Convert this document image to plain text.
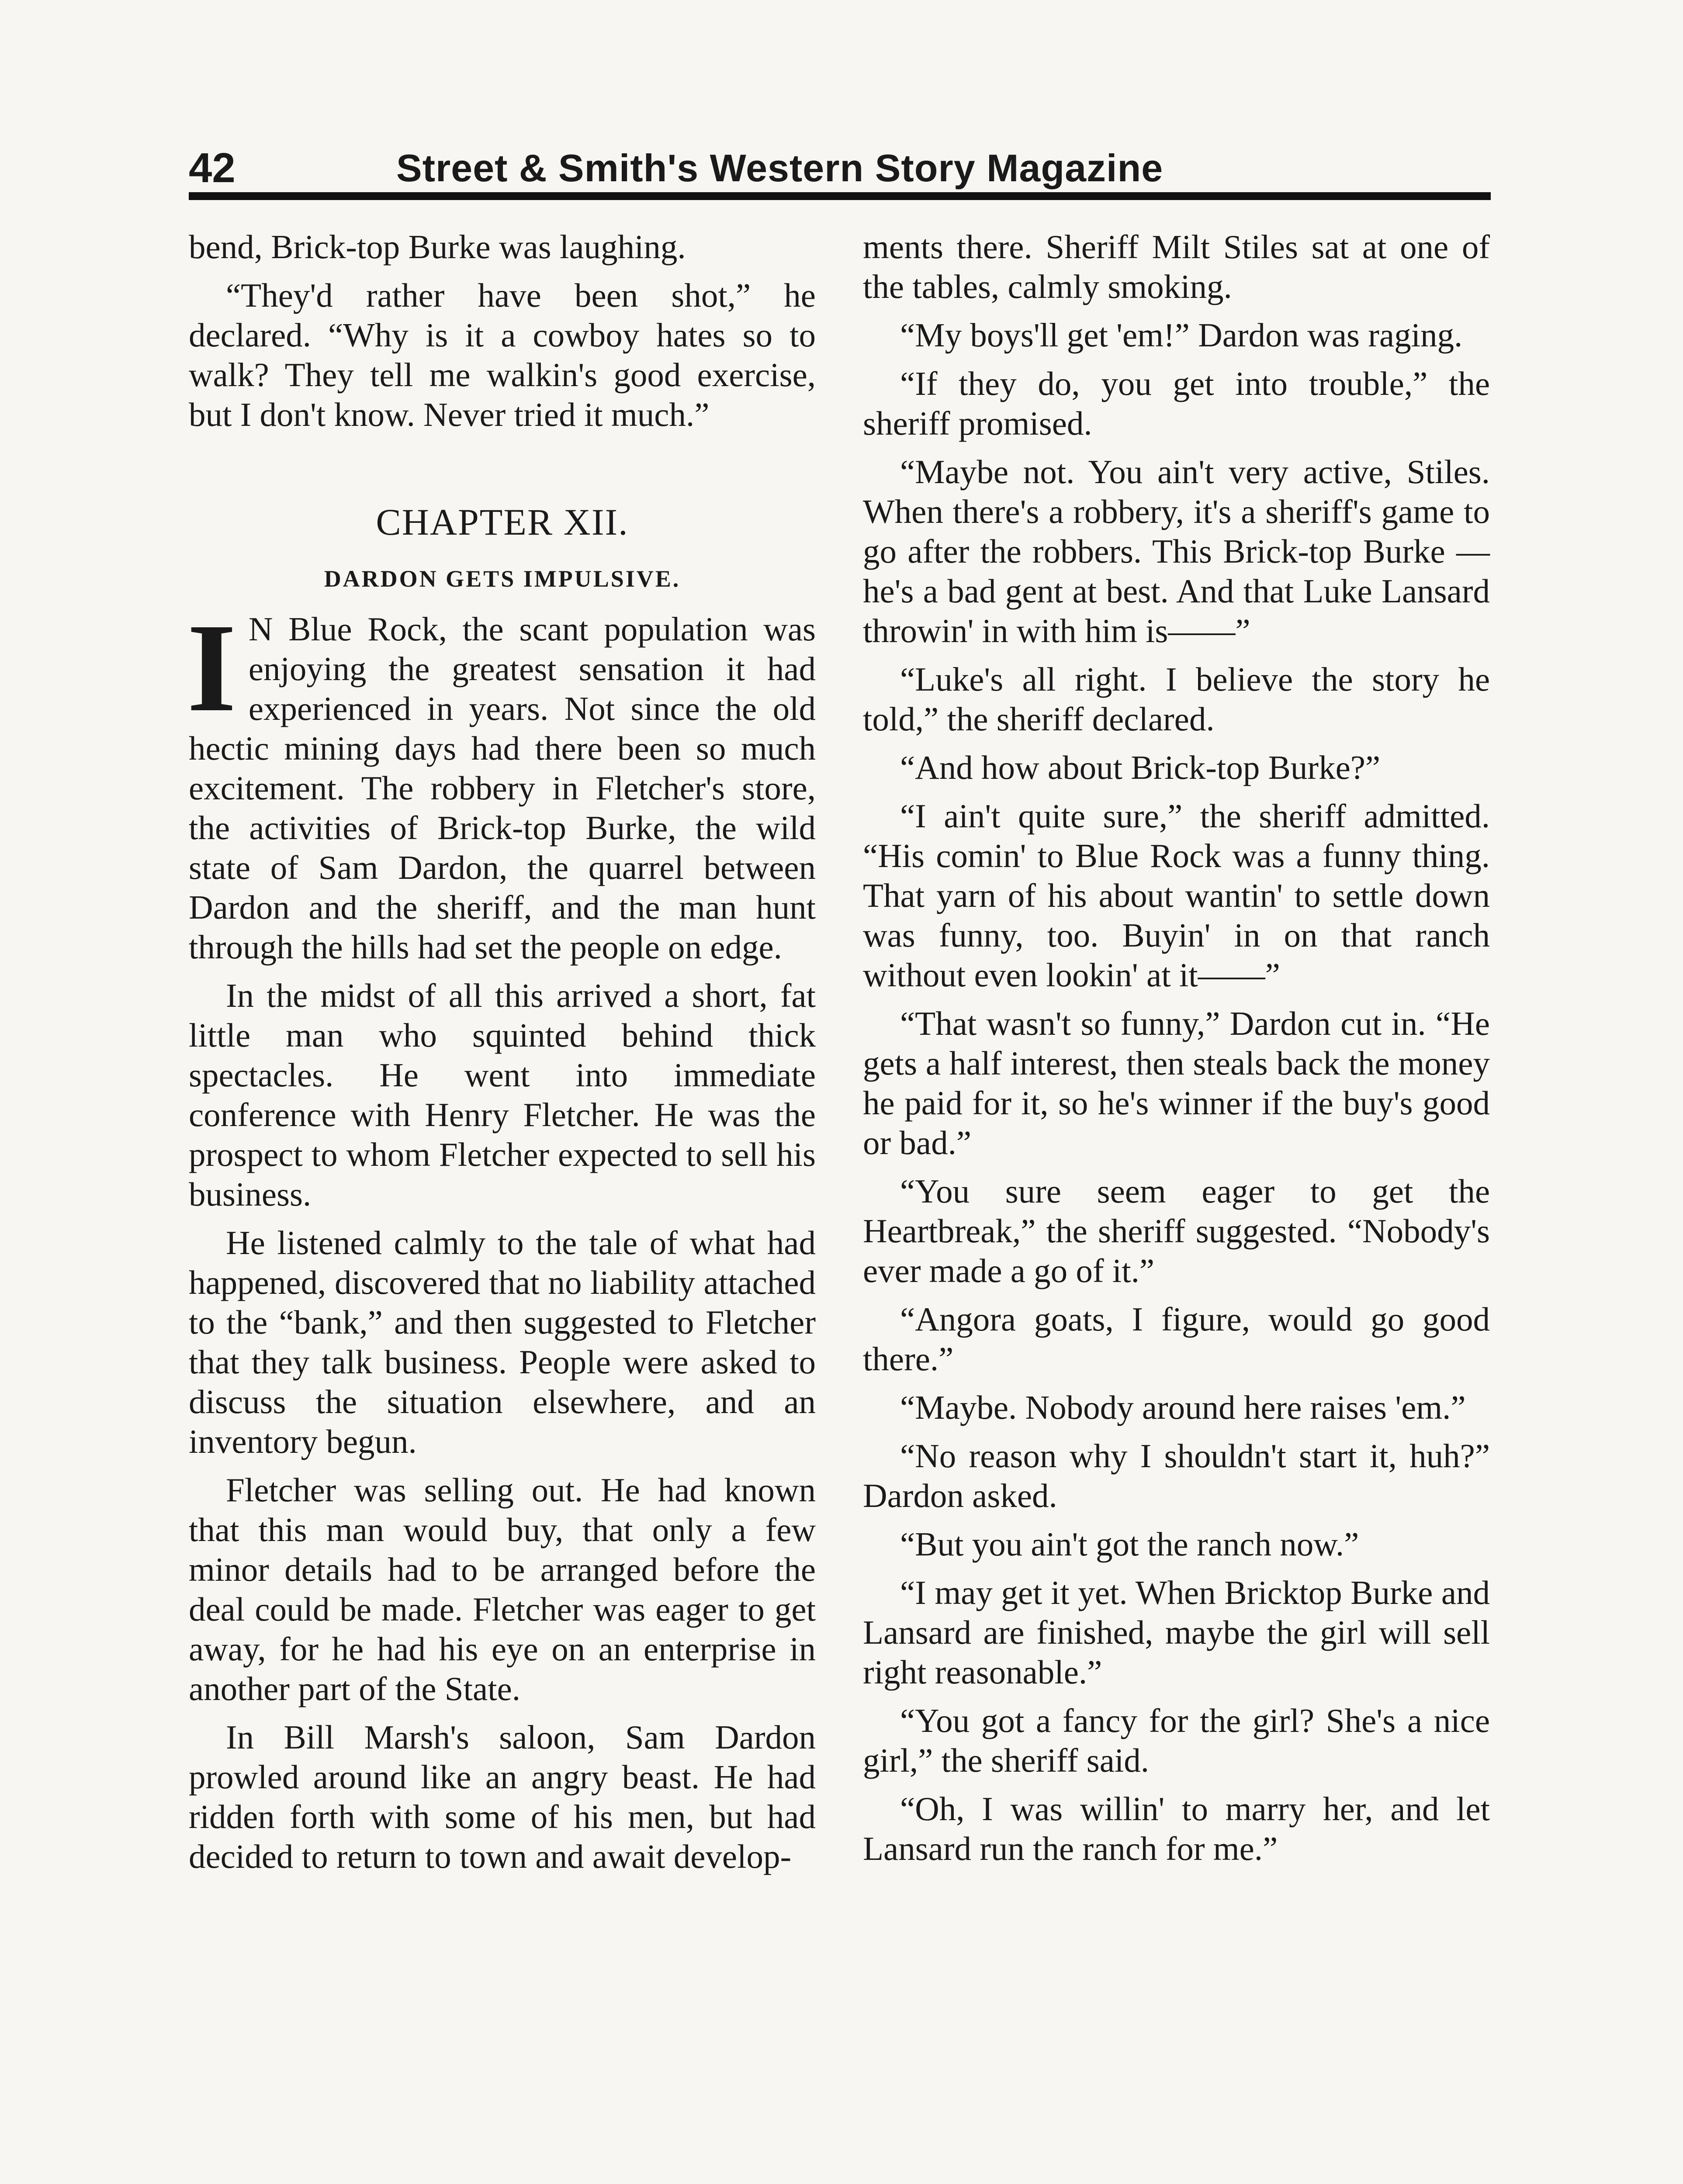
42	Street & Smith's Western Story Magazine

bend, Brick-top Burke was laughing.

“They'd rather have been shot,” he declared. “Why is it a cowboy hates so to walk? They tell me walkin's good exercise, but I don't know. Never tried it much.”

CHAPTER XII.
DARDON GETS IMPULSIVE.

I N Blue Rock, the scant population was enjoying the greatest sensation it had experienced in years. Not since the old hectic mining days had there been so much excitement. The robbery in Fletcher's store, the activities of Brick-top Burke, the wild state of Sam Dardon, the quarrel between Dardon and the sheriff, and the man hunt through the hills had set the people on edge.

In the midst of all this arrived a short, fat little man who squinted behind thick spectacles. He went into immediate conference with Henry Fletcher. He was the prospect to whom Fletcher expected to sell his business.

He listened calmly to the tale of what had happened, discovered that no liability attached to the “bank,” and then suggested to Fletcher that they talk business. People were asked to discuss the situation elsewhere, and an inventory begun.

Fletcher was selling out. He had known that this man would buy, that only a few minor details had to be arranged before the deal could be made. Fletcher was eager to get away, for he had his eye on an enterprise in another part of the State.

In Bill Marsh's saloon, Sam Dardon prowled around like an angry beast. He had ridden forth with some of his men, but had decided to return to town and await develop-

ments there. Sheriff Milt Stiles sat at one of the tables, calmly smoking.

“My boys'll get 'em!” Dardon was raging.

“If they do, you get into trouble,” the sheriff promised.

“Maybe not. You ain't very active, Stiles. When there's a robbery, it's a sheriff's game to go after the robbers. This Brick-top Burke —he's a bad gent at best. And that Luke Lansard throwin' in with him is——”

“Luke's all right. I believe the story he told,” the sheriff declared.

“And how about Brick-top Burke?”

“I ain't quite sure,” the sheriff admitted. “His comin' to Blue Rock was a funny thing. That yarn of his about wantin' to settle down was funny, too. Buyin' in on that ranch without even lookin' at it——”

“That wasn't so funny,” Dardon cut in. “He gets a half interest, then steals back the money he paid for it, so he's winner if the buy's good or bad.”

“You sure seem eager to get the Heartbreak,” the sheriff suggested. “Nobody's ever made a go of it.”

“Angora goats, I figure, would go good there.”

“Maybe. Nobody around here raises 'em.”

“No reason why I shouldn't start it, huh?” Dardon asked.

“But you ain't got the ranch now.”

“I may get it yet. When Bricktop Burke and Lansard are finished, maybe the girl will sell right reasonable.”

“You got a fancy for the girl? She's a nice girl,” the sheriff said.

“Oh, I was willin' to marry her, and let Lansard run the ranch for me.”
